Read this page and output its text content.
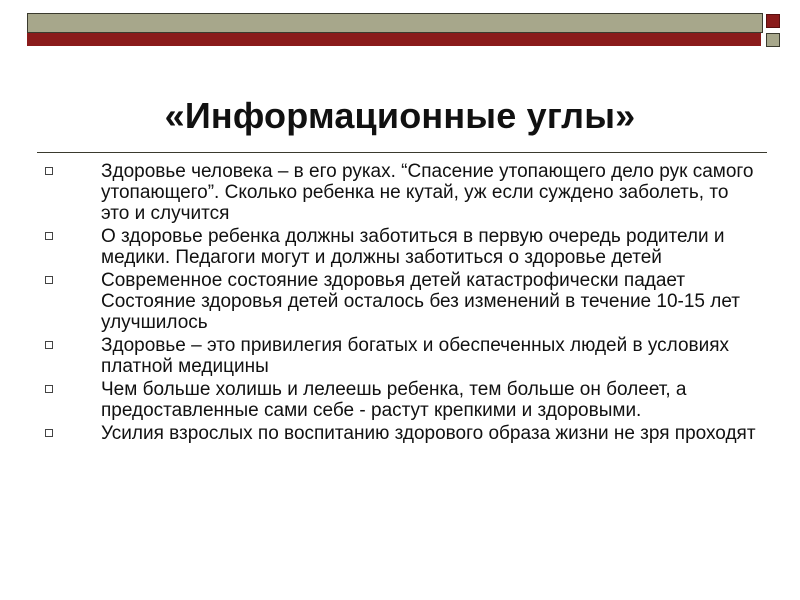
«Информационные углы»
Здоровье человека – в его руках. “Спасение утопающего дело рук самого утопающего”. Сколько ребенка не кутай, уж если суждено заболеть, то это и случится
О здоровье ребенка должны заботиться в первую очередь родители и медики. Педагоги могут и должны заботиться о здоровье детей
Современное состояние здоровья детей катастрофически падает Состояние здоровья детей осталось без изменений в течение 10-15 лет улучшилось
Здоровье – это привилегия богатых и обеспеченных людей в условиях платной медицины
Чем больше холишь и лелеешь ребенка, тем больше он болеет, а предоставленные сами себе - растут крепкими и здоровыми.
Усилия взрослых по воспитанию здорового образа жизни не зря проходят
